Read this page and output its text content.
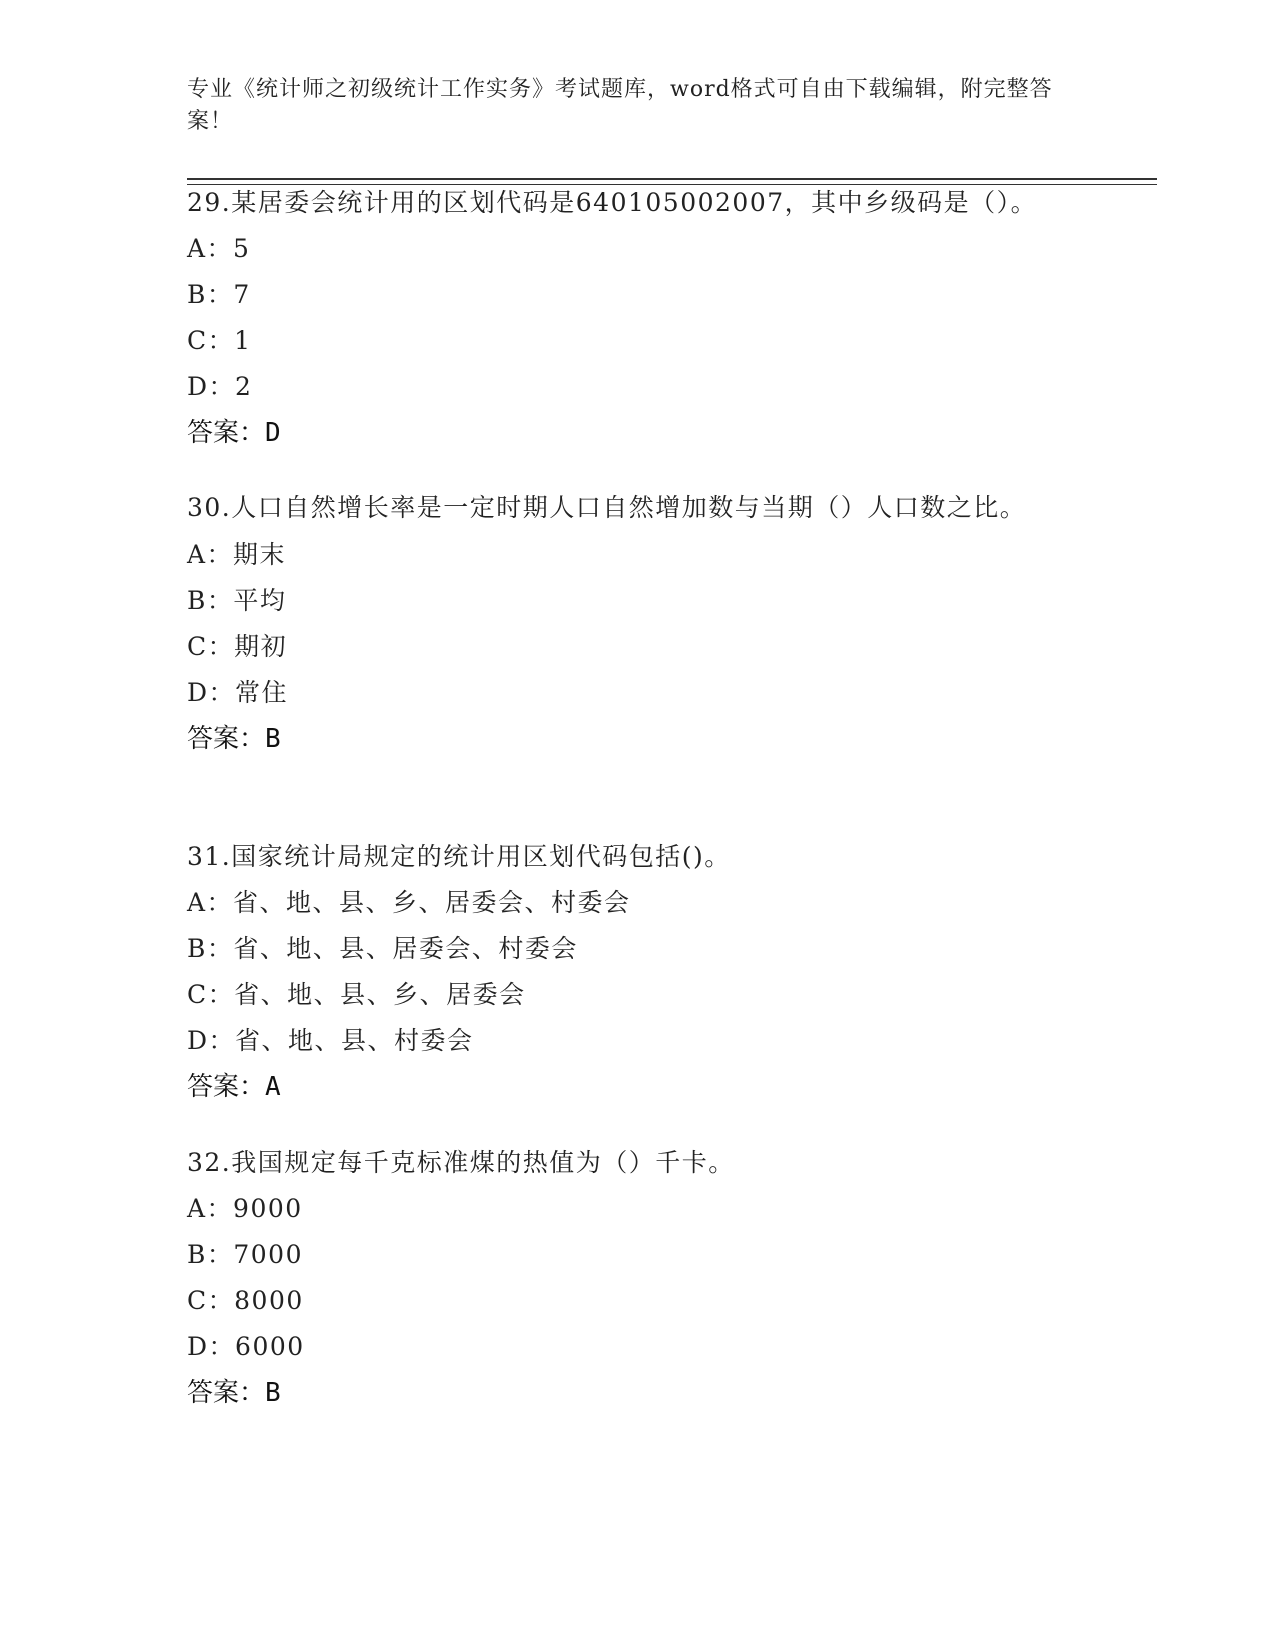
专业《统计师之初级统计工作实务》考试题库，word格式可自由下载编辑，附完整答案！

29.某居委会统计用的区划代码是640105002007，其中乡级码是（）。

A：5

B：7

C：1

D：2

答案：D

30.人口自然增长率是一定时期人口自然增加数与当期（）人口数之比。

A：期末

B：平均

C：期初

D：常住

答案：B

31.国家统计局规定的统计用区划代码包括()。

A：省、地、县、乡、居委会、村委会

B：省、地、县、居委会、村委会

C：省、地、县、乡、居委会

D：省、地、县、村委会

答案：A

32.我国规定每千克标准煤的热值为（）千卡。

A：9000

B：7000

C：8000

D：6000

答案：B
